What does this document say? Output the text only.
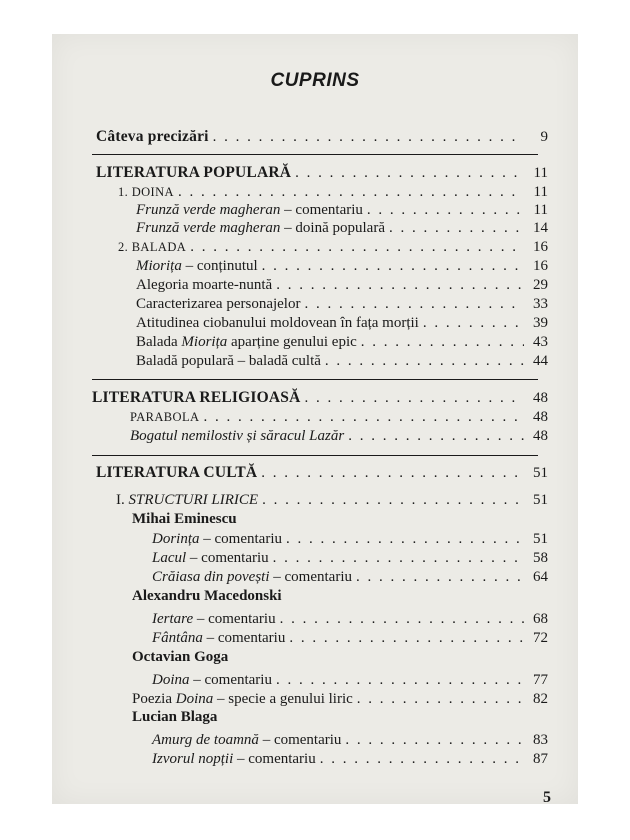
CUPRINS
Câteva precizări . . .	9
LITERATURA POPULARĂ . . .	11
1. DOINA . . .	11
Frunză verde magheran – comentariu . . .	11
Frunză verde magheran – doină populară . . .	14
2. BALADA . . .	16
Miorița – conținutul . . .	16
Alegoria moarte-nuntă . . .	29
Caracterizarea personajelor . . .	33
Atitudinea ciobanului moldovean în fața morții . . .	39
Balada Miorița aparține genului epic . . .	43
Baladă populară – baladă cultă . . .	44
LITERATURA RELIGIOASĂ . . .	48
PARABOLA . . .	48
Bogatul nemilostiv și săracul Lazăr . . .	48
LITERATURA CULTĂ . . .	51
I. STRUCTURI LIRICE . . .	51
Mihai Eminescu
Dorința – comentariu . . .	51
Lacul – comentariu . . .	58
Crăiasa din povești – comentariu . . .	64
Alexandru Macedonski
Iertare – comentariu . . .	68
Fântâna – comentariu . . .	72
Octavian Goga
Doina – comentariu . . .	77
Poezia Doina – specie a genului liric . . .	82
Lucian Blaga
Amurg de toamnă – comentariu . . .	83
Izvorul nopții – comentariu . . .	87
5
